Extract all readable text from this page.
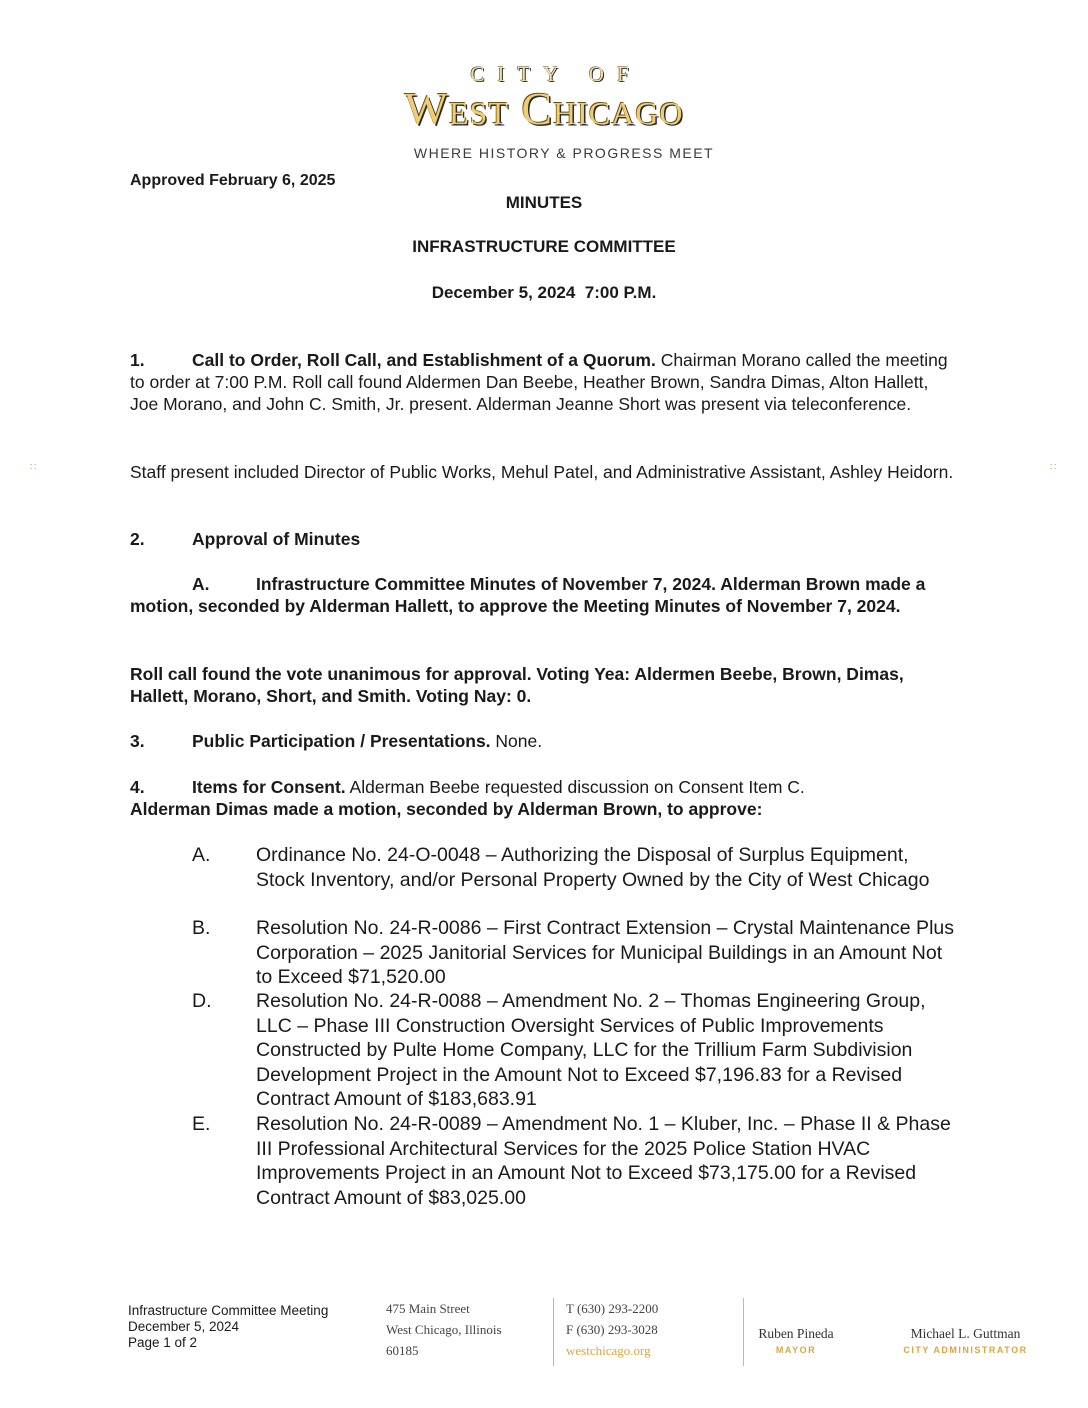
CITY OF
West Chicago
WHERE HISTORY & PROGRESS MEET
Approved February 6, 2025
MINUTES
INFRASTRUCTURE COMMITTEE
December 5, 2024  7:00 P.M.
1.	Call to Order, Roll Call, and Establishment of a Quorum. Chairman Morano called the meeting to order at 7:00 P.M. Roll call found Aldermen Dan Beebe, Heather Brown, Sandra Dimas, Alton Hallett, Joe Morano, and John C. Smith, Jr. present. Alderman Jeanne Short was present via teleconference.
Staff present included Director of Public Works, Mehul Patel, and Administrative Assistant, Ashley Heidorn.
2.	Approval of Minutes
A.	Infrastructure Committee Minutes of November 7, 2024. Alderman Brown made a motion, seconded by Alderman Hallett, to approve the Meeting Minutes of November 7, 2024.
Roll call found the vote unanimous for approval. Voting Yea: Aldermen Beebe, Brown, Dimas, Hallett, Morano, Short, and Smith. Voting Nay: 0.
3.	Public Participation / Presentations. None.
4.	Items for Consent. Alderman Beebe requested discussion on Consent Item C.
Alderman Dimas made a motion, seconded by Alderman Brown, to approve:
A. Ordinance No. 24-O-0048 – Authorizing the Disposal of Surplus Equipment, Stock Inventory, and/or Personal Property Owned by the City of West Chicago
B. Resolution No. 24-R-0086 – First Contract Extension – Crystal Maintenance Plus Corporation – 2025 Janitorial Services for Municipal Buildings in an Amount Not to Exceed $71,520.00
D. Resolution No. 24-R-0088 – Amendment No. 2 – Thomas Engineering Group, LLC – Phase III Construction Oversight Services of Public Improvements Constructed by Pulte Home Company, LLC for the Trillium Farm Subdivision Development Project in the Amount Not to Exceed $7,196.83 for a Revised Contract Amount of $183,683.91
E. Resolution No. 24-R-0089 – Amendment No. 1 – Kluber, Inc. – Phase II & Phase III Professional Architectural Services for the 2025 Police Station HVAC Improvements Project in an Amount Not to Exceed $73,175.00 for a Revised Contract Amount of $83,025.00
∷	∷
Infrastructure Committee Meeting
December 5, 2024
Page 1 of 2
475 Main Street
West Chicago, Illinois
60185
T (630) 293-2200
F (630) 293-3028
westchicago.org
Ruben Pineda
MAYOR
Michael L. Guttman
CITY ADMINISTRATOR
